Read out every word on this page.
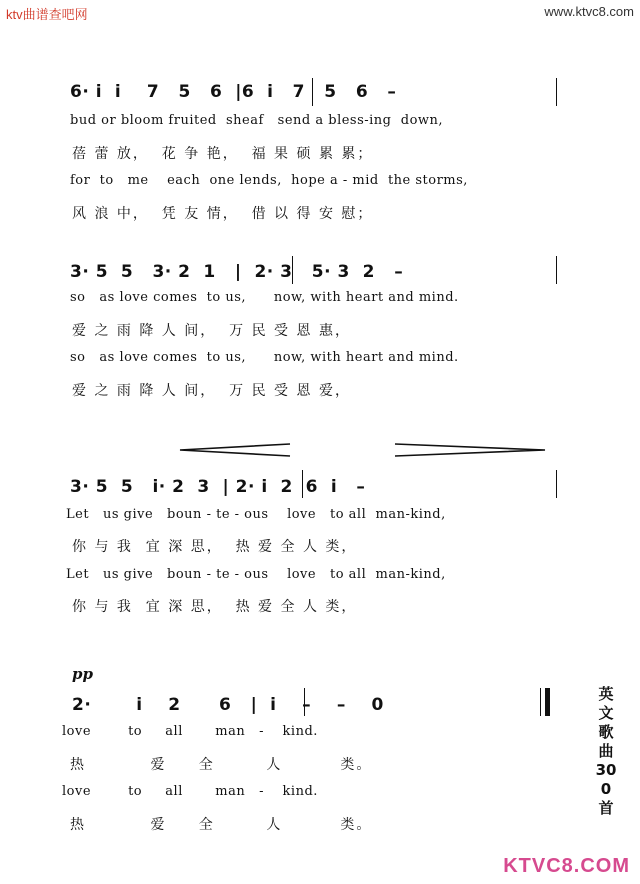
ktv曲谱查吧网	www.ktvc8.com
6· i  i    7   5   6  |6  i   7   5   6   –
bud or bloom fruited  sheaf   send a bless-ing  down,
蓓 蕾 放，  花 争 艳，  福 果 硕 累 累；
for  to   me    each  one lends,  hope a - mid  the storms,
风 浪 中，  凭 友 情，  借 以 得 安 慰；
3· 5  5   3· 2  1   |  2· 3   5· 3  2   –
so   as love comes  to us,      now, with heart and mind.
爱 之 雨 降 人 间，  万 民 受 恩 惠，
so   as love comes  to us,      now, with heart and mind.
爱 之 雨 降 人 间，  万 民 受 恩 爱，
3· 5  5   i· 2  3  | 2· i  2  6  i   –
Let   us give   boun - te - ous    love   to all  man-kind,
你 与 我  宜 深 思，  热 爱 全 人 类，
Let   us give   boun - te - ous    love   to all  man-kind,
你 与 我  宜 深 思，  热 爱 全 人 类，
pp
2·       i    2      6   |  i    –    –    0
love        to     all       man   -    kind.
热          爱     全        人         类。
love        to     all       man   -    kind.
热          爱     全        人         类。
英文歌曲300首
KTVC8.COM
